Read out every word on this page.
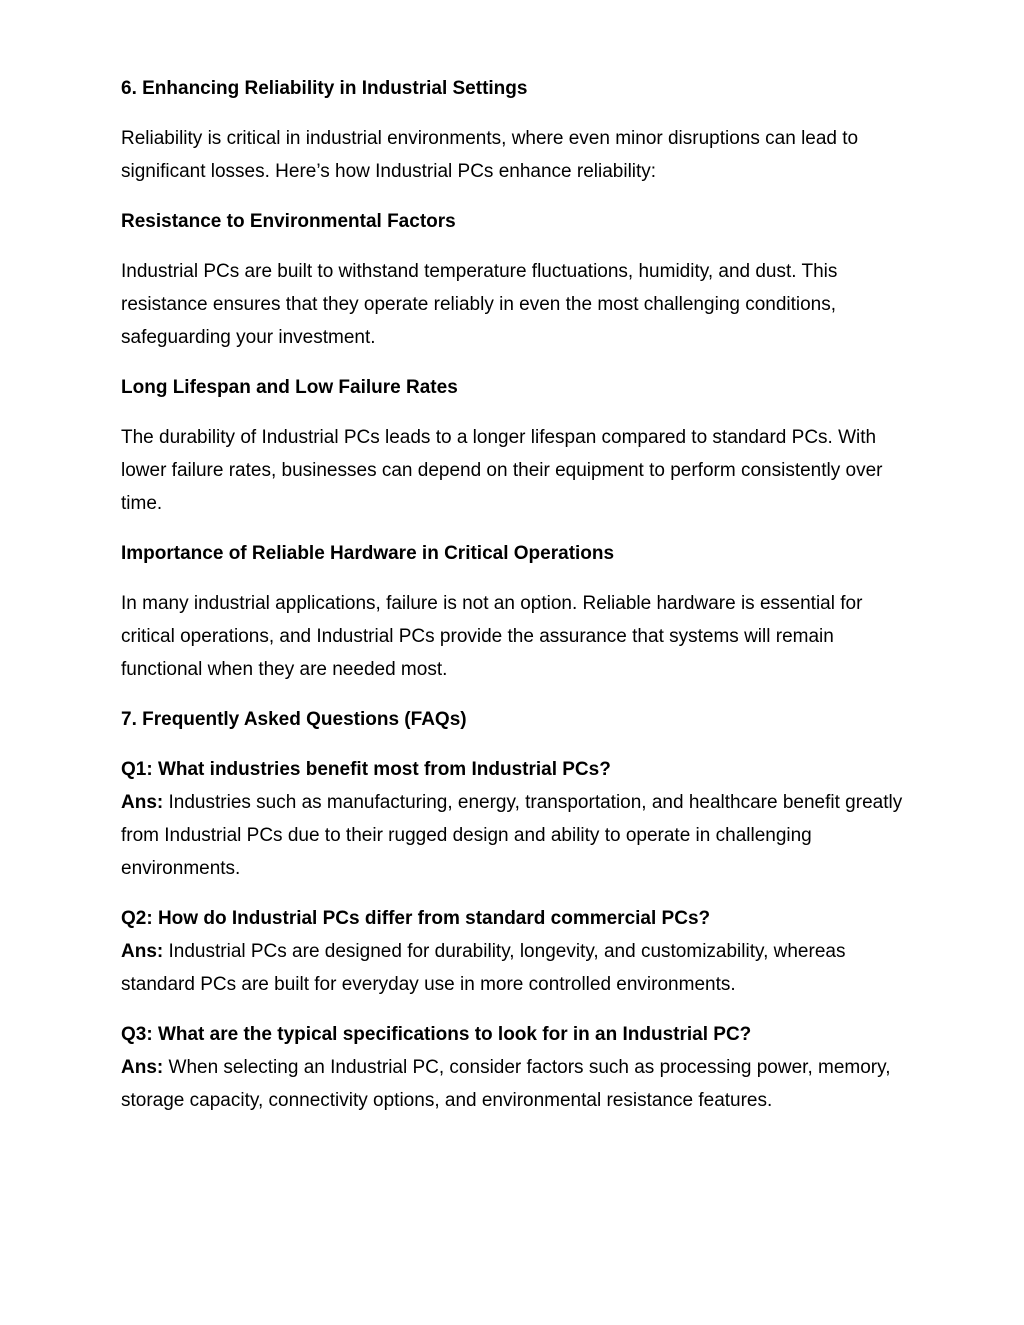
6. Enhancing Reliability in Industrial Settings

Reliability is critical in industrial environments, where even minor disruptions can lead to significant losses. Here’s how Industrial PCs enhance reliability:

Resistance to Environmental Factors

Industrial PCs are built to withstand temperature fluctuations, humidity, and dust. This resistance ensures that they operate reliably in even the most challenging conditions, safeguarding your investment.

Long Lifespan and Low Failure Rates

The durability of Industrial PCs leads to a longer lifespan compared to standard PCs. With lower failure rates, businesses can depend on their equipment to perform consistently over time.

Importance of Reliable Hardware in Critical Operations

In many industrial applications, failure is not an option. Reliable hardware is essential for critical operations, and Industrial PCs provide the assurance that systems will remain functional when they are needed most.

7. Frequently Asked Questions (FAQs)

Q1: What industries benefit most from Industrial PCs?

Ans: Industries such as manufacturing, energy, transportation, and healthcare benefit greatly from Industrial PCs due to their rugged design and ability to operate in challenging environments.

Q2: How do Industrial PCs differ from standard commercial PCs?

Ans: Industrial PCs are designed for durability, longevity, and customizability, whereas standard PCs are built for everyday use in more controlled environments.

Q3: What are the typical specifications to look for in an Industrial PC?

Ans: When selecting an Industrial PC, consider factors such as processing power, memory, storage capacity, connectivity options, and environmental resistance features.
